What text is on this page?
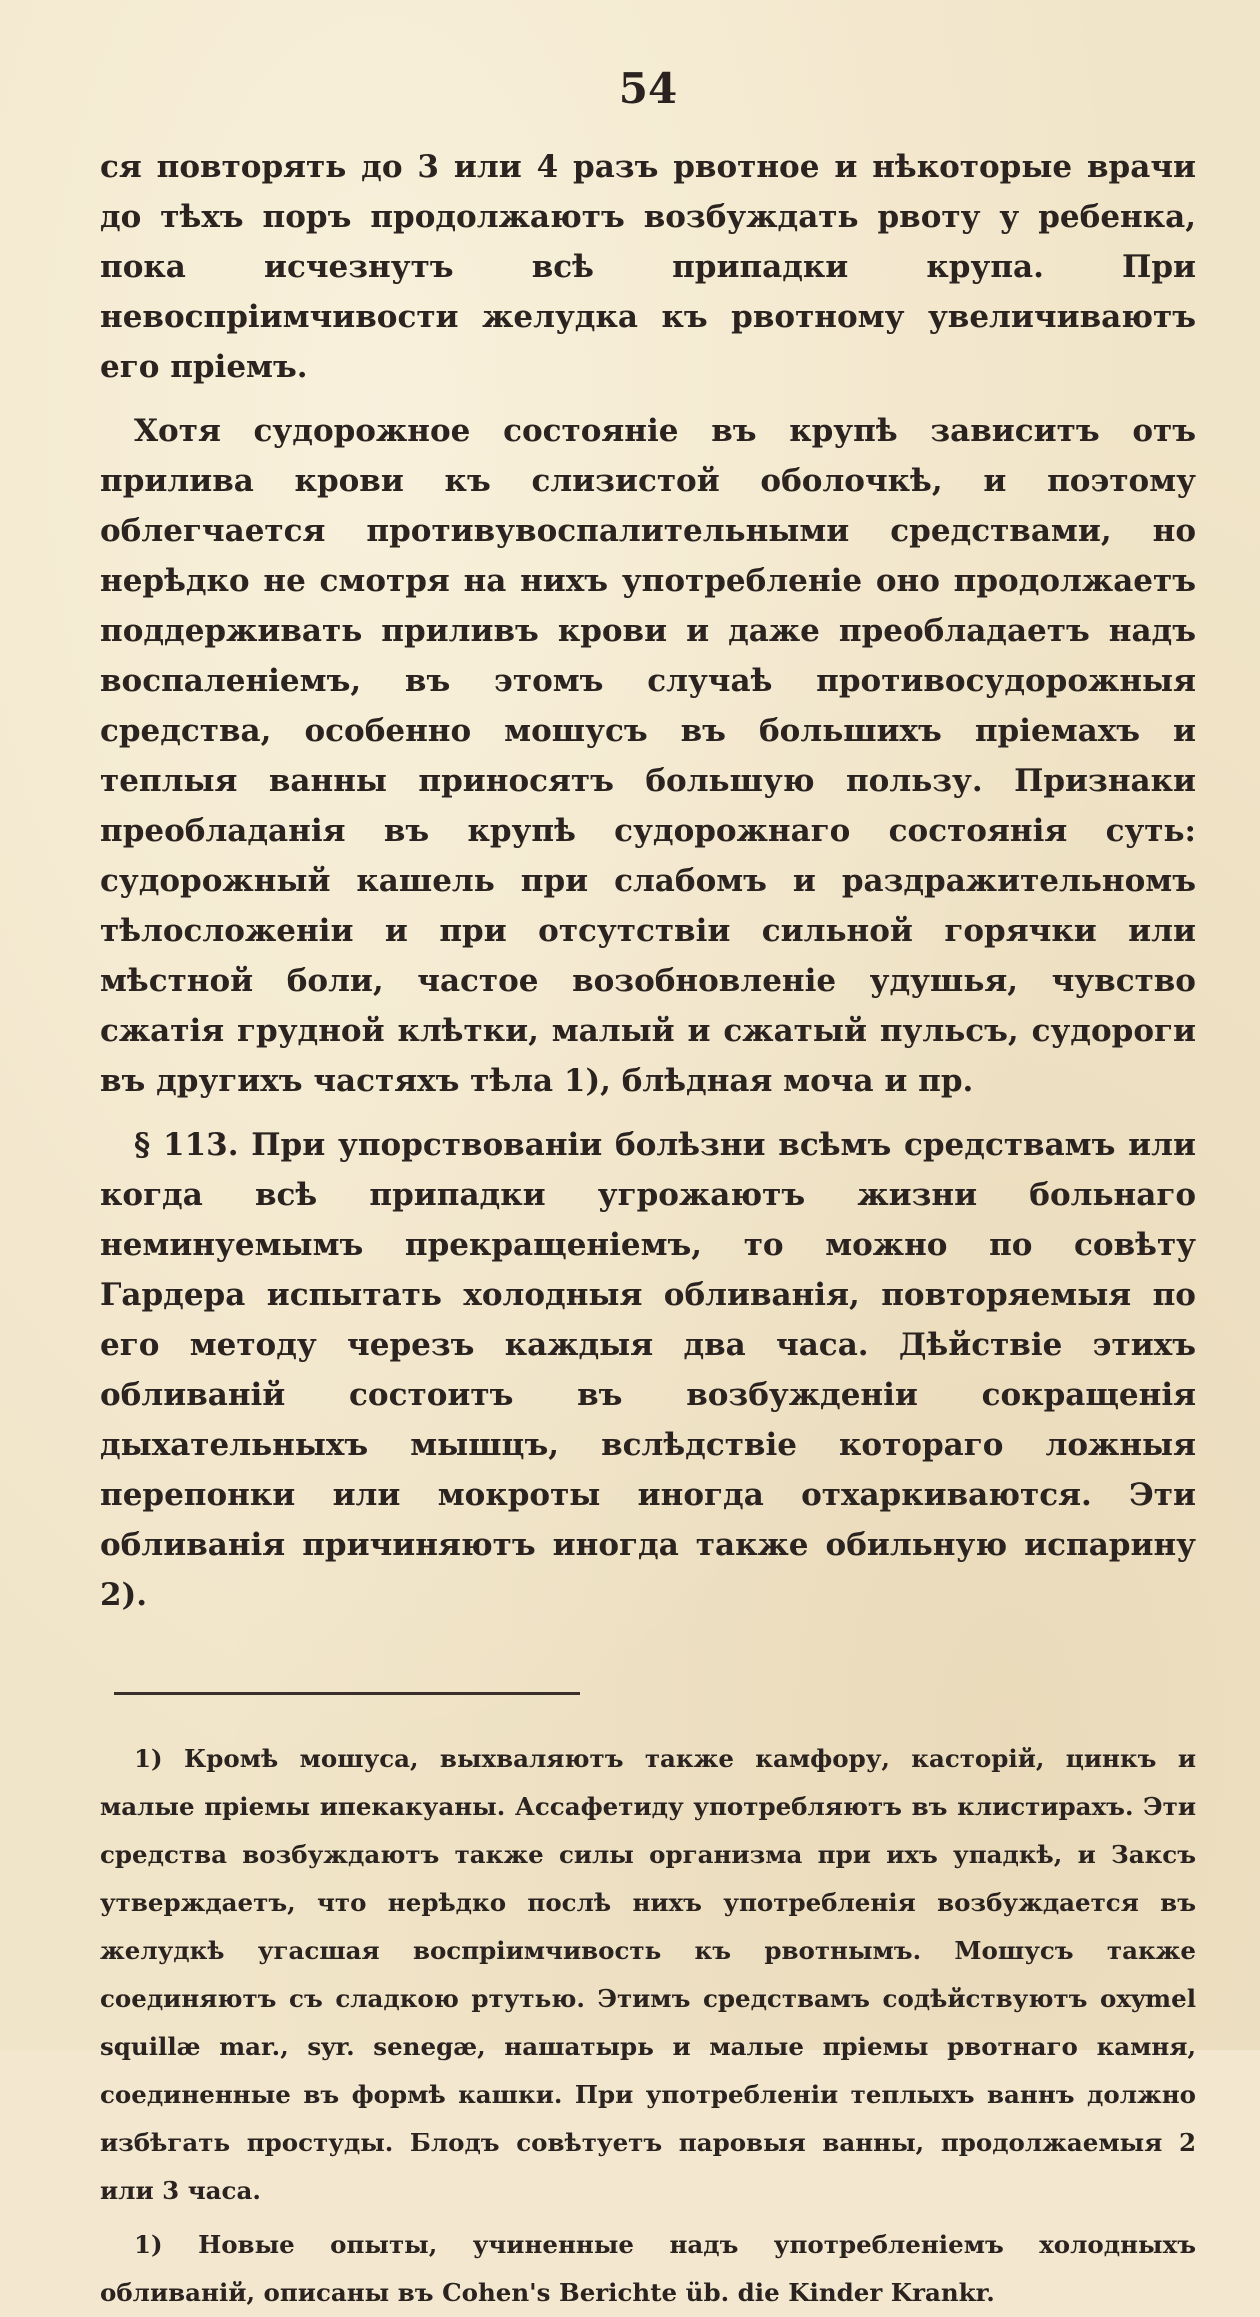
54

ся повторять до 3 или 4 разъ рвотное и нѣкоторые врачи до тѣхъ поръ продолжаютъ возбуждать рвоту у ребенка, пока исчезнутъ всѣ припадки крупа. При невоспріимчивости желудка къ рвотному увеличиваютъ его пріемъ.

Хотя судорожное состояніе въ крупѣ зависитъ отъ прилива крови къ слизистой оболочкѣ, и поэтому облегчается противувоспалительными средствами, но нерѣдко не смотря на нихъ употребленіе оно продолжаетъ поддерживать приливъ крови и даже преобладаетъ надъ воспаленіемъ, въ этомъ случаѣ противосудорожныя средства, особенно мошусъ въ большихъ пріемахъ и теплыя ванны приносятъ большую пользу. Признаки преобладанія въ крупѣ судорожнаго состоянія суть: судорожный кашель при слабомъ и раздражительномъ тѣлосложеніи и при отсутствіи сильной горячки или мѣстной боли, частое возобновленіе удушья, чувство сжатія грудной клѣтки, малый и сжатый пульсъ, судороги въ другихъ частяхъ тѣла 1), блѣдная моча и пр.

§ 113. При упорствованіи болѣзни всѣмъ средствамъ или когда всѣ припадки угрожаютъ жизни больнаго неминуемымъ прекращеніемъ, то можно по совѣту Гардера испытать холодныя обливанія, повторяемыя по его методу черезъ каждыя два часа. Дѣйствіе этихъ обливаній состоитъ въ возбужденіи сокращенія дыхательныхъ мышцъ, вслѣдствіе котораго ложныя перепонки или мокроты иногда отхаркиваются. Эти обливанія причиняютъ иногда также обильную испарину 2).

1) Кромѣ мошуса, выхваляютъ также камфору, касторій, цинкъ и малые пріемы ипекакуаны. Ассафетиду употребляютъ въ клистирахъ. Эти средства возбуждаютъ также силы организма при ихъ упадкѣ, и Заксъ утверждаетъ, что нерѣдко послѣ нихъ употребленія возбуждается въ желудкѣ угасшая воспріимчивость къ рвотнымъ. Мошусъ также соединяютъ съ сладкою ртутью. Этимъ средствамъ содѣйствуютъ oxymel squillæ mar., syr. senegæ, нашатырь и малые пріемы рвотнаго камня, соединенные въ формѣ кашки. При употребленіи теплыхъ ваннъ должно избѣгать простуды. Блодъ совѣтуетъ паровыя ванны, продолжаемыя 2 или 3 часа.

1) Новые опыты, учиненные надъ употребленіемъ холодныхъ обливаній, описаны въ Cohen's Berichte üb. die Kinder Krankr.
